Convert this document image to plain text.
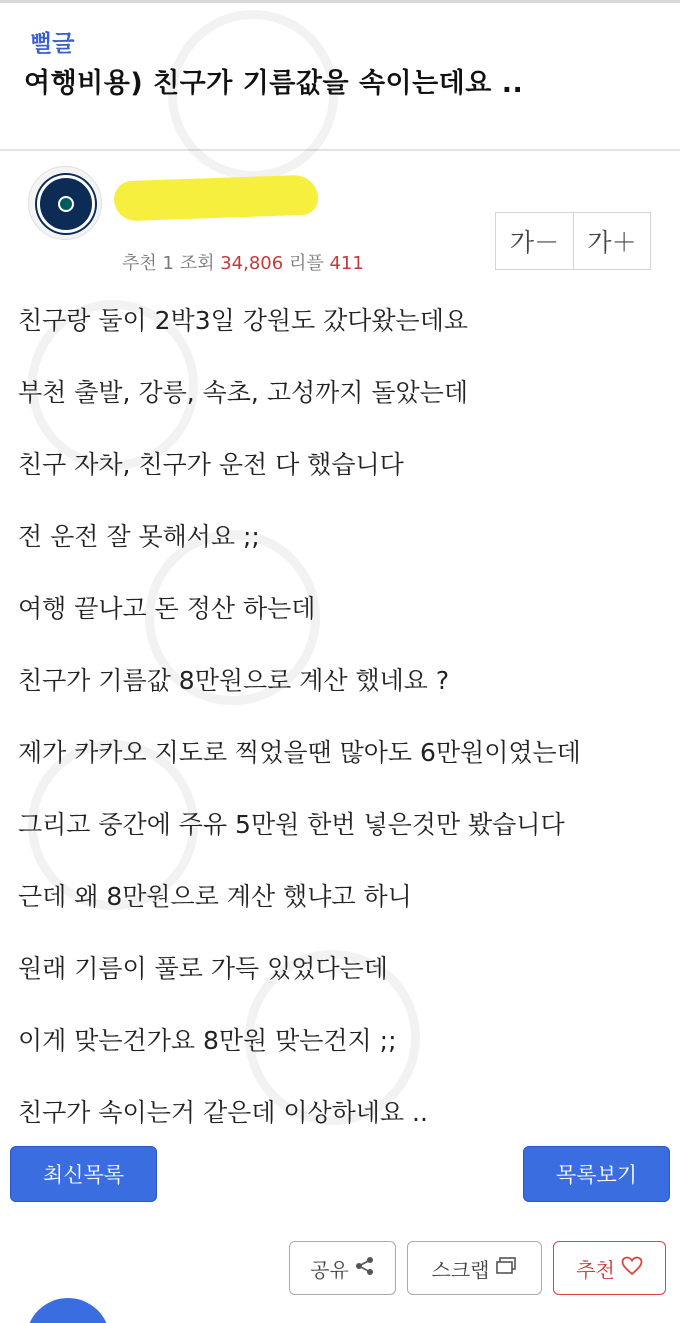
뻘글
여행비용) 친구가 기름값을 속이는데요 ..
추천 1 조회 34,806 리플 411
가－	가＋

친구랑 둘이 2박3일 강원도 갔다왔는데요

부천 출발, 강릉, 속초, 고성까지 돌았는데

친구 자차, 친구가 운전 다 했습니다

전 운전 잘 못해서요 ;;

여행 끝나고 돈 정산 하는데

친구가 기름값 8만원으로 계산 했네요 ?

제가 카카오 지도로 찍었을땐 많아도 6만원이였는데

그리고 중간에 주유 5만원 한번 넣은것만 봤습니다

근데 왜 8만원으로 계산 했냐고 하니

원래 기름이 풀로 가득 있었다는데

이게 맞는건가요 8만원 맞는건지 ;;

친구가 속이는거 같은데 이상하네요 ..

최신목록	목록보기
공유	스크랩	추천
